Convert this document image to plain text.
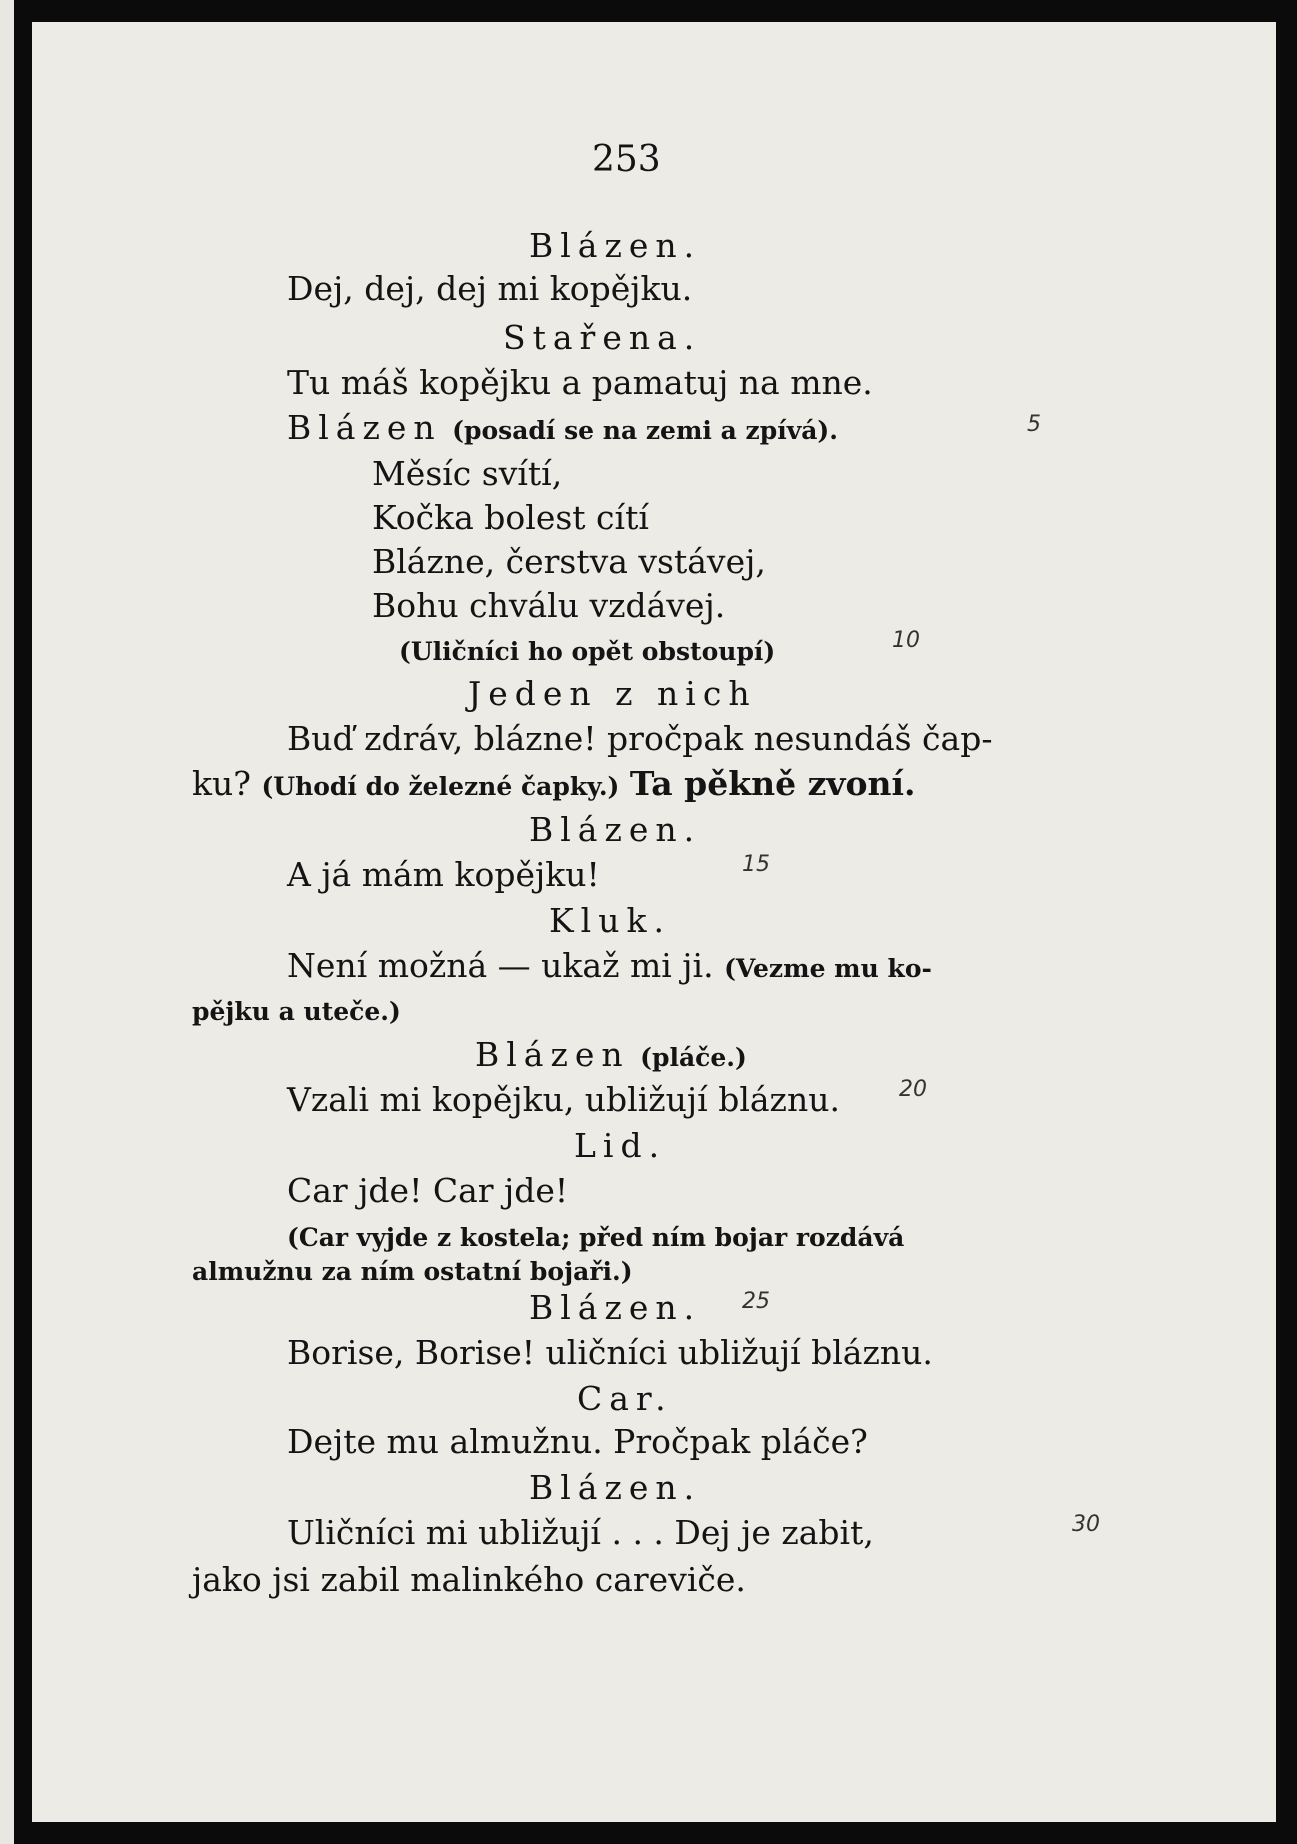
253
Blázen.
Dej, dej, dej mi kopějku.
Stařena.
Tu máš kopějku a pamatuj na mne.
Blázen (posadí se na zemi a zpívá).
Měsíc svítí,
Kočka bolest cítí
Blázne, čerstva vstávej,
Bohu chválu vzdávej.
(Uličníci ho opět obstoupí)
Jeden z nich
Buď zdráv, blázne! pročpak nesundáš čap-
ku? (Uhodí do železné čapky.) Ta pěkně zvoní.
Blázen.
A já mám kopějku!
Kluk.
Není možná — ukaž mi ji. (Vezme mu ko-
pějku a uteče.)
Blázen (pláče.)
Vzali mi kopějku, ubližují bláznu.
Lid.
Car jde! Car jde!
(Car vyjde z kostela; před ním bojar rozdává
almužnu za ním ostatní bojaři.)
Blázen.
Borise, Borise! uličníci ubližují bláznu.
Car.
Dejte mu almužnu. Pročpak pláče?
Blázen.
Uličníci mi ubližují . . . Dej je zabit,
jako jsi zabil malinkého careviče.
5
10
15
20
25
30
